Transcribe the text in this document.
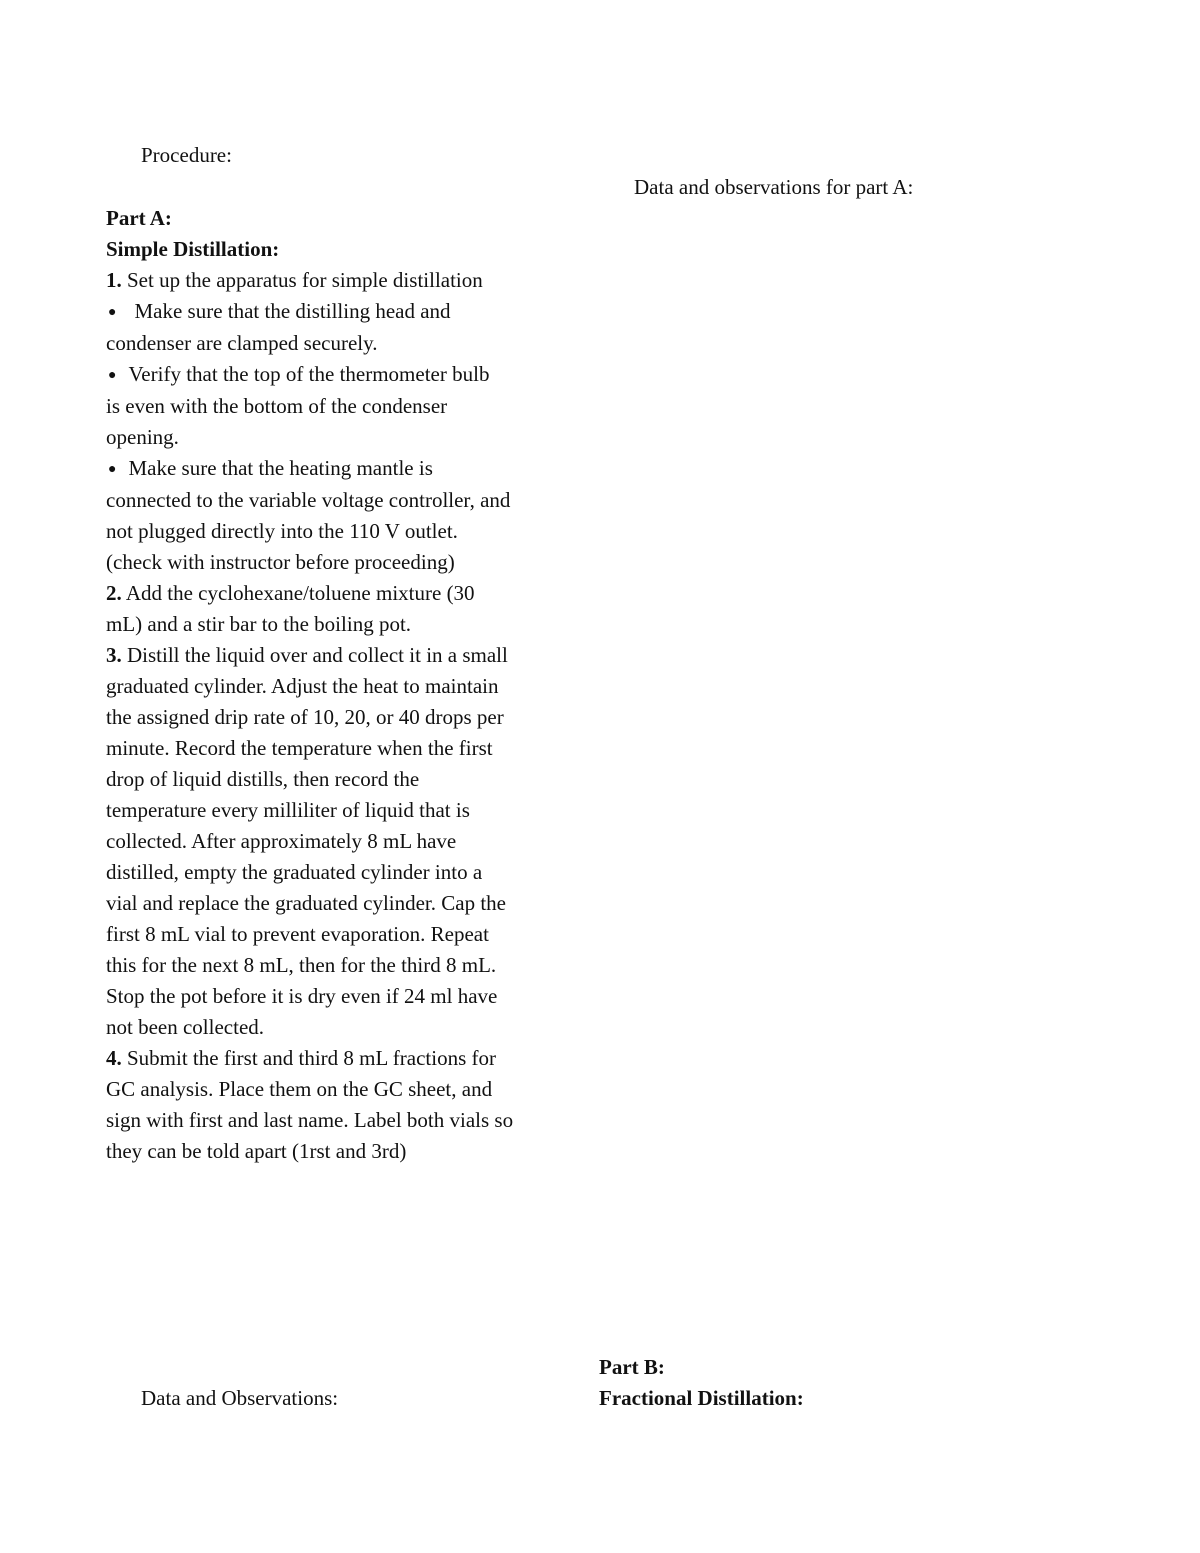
Procedure:
Data and observations for part A:
Part A:
Simple Distillation:
1. Set up the apparatus for simple distillation
● Make sure that the distilling head and
condenser are clamped securely.
● Verify that the top of the thermometer bulb
is even with the bottom of the condenser
opening.
● Make sure that the heating mantle is
connected to the variable voltage controller, and
not plugged directly into the 110 V outlet.
(check with instructor before proceeding)
2. Add the cyclohexane/toluene mixture (30
mL) and a stir bar to the boiling pot.
3. Distill the liquid over and collect it in a small
graduated cylinder. Adjust the heat to maintain
the assigned drip rate of 10, 20, or 40 drops per
minute. Record the temperature when the first
drop of liquid distills, then record the
temperature every milliliter of liquid that is
collected. After approximately 8 mL have
distilled, empty the graduated cylinder into a
vial and replace the graduated cylinder. Cap the
first 8 mL vial to prevent evaporation. Repeat
this for the next 8 mL, then for the third 8 mL.
Stop the pot before it is dry even if 24 ml have
not been collected.
4. Submit the first and third 8 mL fractions for
GC analysis. Place them on the GC sheet, and
sign with first and last name. Label both vials so
they can be told apart (1rst and 3rd)
Part B:
Fractional Distillation:
Data and Observations:
